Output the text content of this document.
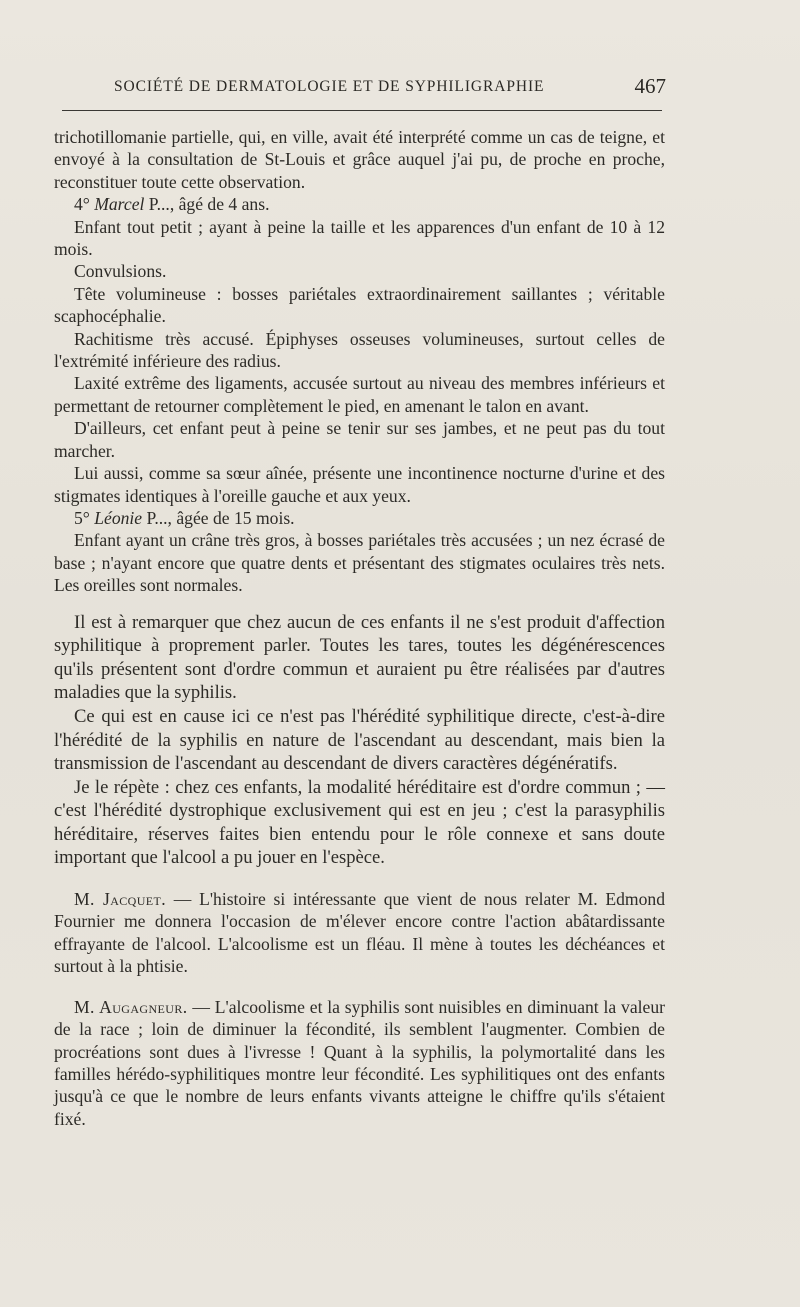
SOCIÉTÉ DE DERMATOLOGIE ET DE SYPHILIGRAPHIE	467

trichotillomanie partielle, qui, en ville, avait été interprété comme un cas de teigne, et envoyé à la consultation de St-Louis et grâce auquel j'ai pu, de proche en proche, reconstituer toute cette observation.

4° Marcel P..., âgé de 4 ans.

Enfant tout petit ; ayant à peine la taille et les apparences d'un enfant de 10 à 12 mois.

Convulsions.

Tête volumineuse : bosses pariétales extraordinairement saillantes ; véritable scaphocéphalie.

Rachitisme très accusé. Épiphyses osseuses volumineuses, surtout celles de l'extrémité inférieure des radius.

Laxité extrême des ligaments, accusée surtout au niveau des membres inférieurs et permettant de retourner complètement le pied, en amenant le talon en avant.

D'ailleurs, cet enfant peut à peine se tenir sur ses jambes, et ne peut pas du tout marcher.

Lui aussi, comme sa sœur aînée, présente une incontinence nocturne d'urine et des stigmates identiques à l'oreille gauche et aux yeux.

5° Léonie P..., âgée de 15 mois.

Enfant ayant un crâne très gros, à bosses pariétales très accusées ; un nez écrasé de base ; n'ayant encore que quatre dents et présentant des stigmates oculaires très nets. Les oreilles sont normales.

Il est à remarquer que chez aucun de ces enfants il ne s'est produit d'affection syphilitique à proprement parler. Toutes les tares, toutes les dégénérescences qu'ils présentent sont d'ordre commun et auraient pu être réalisées par d'autres maladies que la syphilis.

Ce qui est en cause ici ce n'est pas l'hérédité syphilitique directe, c'est-à-dire l'hérédité de la syphilis en nature de l'ascendant au descendant, mais bien la transmission de l'ascendant au descendant de divers caractères dégénératifs.

Je le répète : chez ces enfants, la modalité héréditaire est d'ordre commun ; — c'est l'hérédité dystrophique exclusivement qui est en jeu ; c'est la parasyphilis héréditaire, réserves faites bien entendu pour le rôle connexe et sans doute important que l'alcool a pu jouer en l'espèce.

M. Jacquet. — L'histoire si intéressante que vient de nous relater M. Edmond Fournier me donnera l'occasion de m'élever encore contre l'action abâtardissante effrayante de l'alcool. L'alcoolisme est un fléau. Il mène à toutes les déchéances et surtout à la phtisie.

M. Augagneur. — L'alcoolisme et la syphilis sont nuisibles en diminuant la valeur de la race ; loin de diminuer la fécondité, ils semblent l'augmenter. Combien de procréations sont dues à l'ivresse ! Quant à la syphilis, la polymortalité dans les familles hérédo-syphilitiques montre leur fécondité. Les syphilitiques ont des enfants jusqu'à ce que le nombre de leurs enfants vivants atteigne le chiffre qu'ils s'étaient fixé.
